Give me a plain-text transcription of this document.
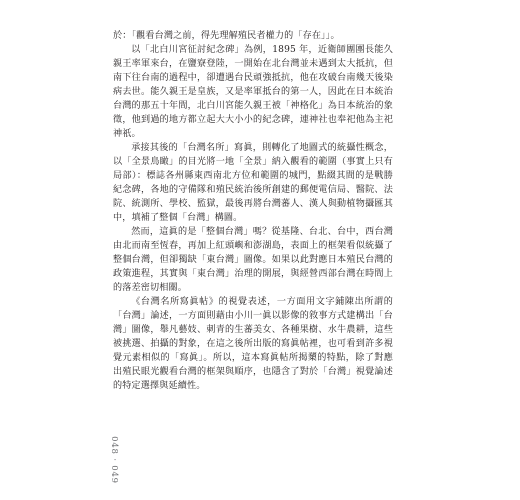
於：「觀看台灣之前，得先理解殖民者權力的「存在」」。

以「北白川宮征討紀念碑」為例，1895 年，近衛師團團長能久親王率軍來台，在鹽寮登陸，一開始在北台灣並未遇到太大抵抗，但南下往台南的過程中，卻遭遇台民頑強抵抗，他在攻破台南幾天後染病去世。能久親王是皇族，又是率軍抵台的第一人，因此在日本統治台灣的那五十年間，北白川宮能久親王被「神格化」為日本統治的象徵，他到過的地方都立起大大小小的紀念碑，連神社也奉祀他為主祀神祇。

承接其後的「台灣名所」寫眞，則轉化了地圖式的統攝性概念，以「全景鳥瞰」的目光將一地「全景」納入觀看的範圍（事實上只有局部）：標誌各州縣東西南北方位和範圍的城門，點綴其間的是戰勝紀念碑，各地的守備隊和殖民統治後所創建的郵便電信局、醫院、法院、統測所、學校、監獄，最後再將台灣蕃人、漢人與動植物攝匯其中，填補了整個「台灣」構圖。

然而，這眞的是「整個台灣」嗎？從基隆、台北、台中，西台灣由北而南至恆春，再加上紅頭嶼和澎湖島，表面上的框架看似統攝了整個台灣，但卻獨缺「東台灣」圖像。如果以此對應日本殖民台灣的政策進程，其實與「東台灣」治理的開展，與經營西部台灣在時間上的落差密切相關。

《台灣名所寫眞帖》的視覺表述，一方面用文字鋪陳出所謂的「台灣」論述，一方面則藉由小川一眞以影像的敘事方式建構出「台灣」圖像，舉凡藝妓、刺青的生蕃美女、各種果樹、水牛農耕，這些被挑選、拍攝的對象，在這之後所出版的寫眞帖裡，也可看到許多視覺元素相似的「寫眞」。所以，這本寫眞帖所揭櫫的特點，除了對應出殖民眼光觀看台灣的框架與順序，也隱含了對於「台灣」視覺論述的特定選擇與延續性。

048 · 049
